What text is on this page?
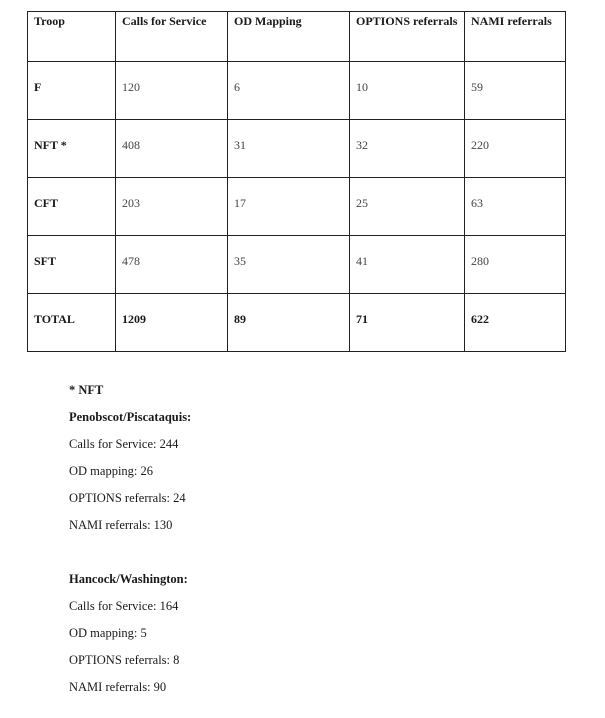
Troop	Calls for Service	OD Mapping	OPTIONS referrals	NAMI referrals
F	120	6	10	59
NFT *	408	31	32	220
CFT	203	17	25	63
SFT	478	35	41	280
TOTAL	1209	89	71	622
* NFT
Penobscot/Piscataquis:
Calls for Service: 244
OD mapping: 26
OPTIONS referrals: 24
NAMI referrals: 130
Hancock/Washington:
Calls for Service: 164
OD mapping: 5
OPTIONS referrals: 8
NAMI referrals: 90
